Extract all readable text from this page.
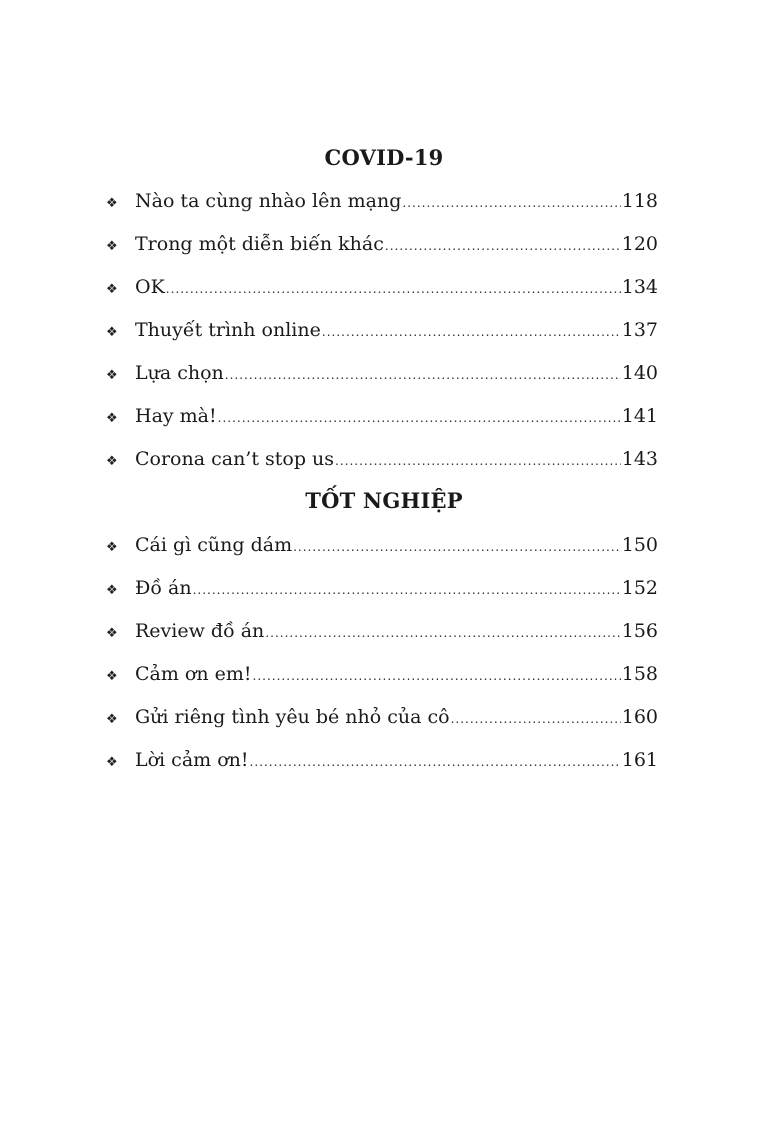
COVID-19
❖ Nào ta cùng nhào lên mạng .....	118
❖ Trong một diễn biến khác .....	120
❖ OK .....	134
❖ Thuyết trình online .....	137
❖ Lựa chọn .....	140
❖ Hay mà! .....	141
❖ Corona can’t stop us .....	143
TỐT NGHIỆP
❖ Cái gì cũng dám .....	150
❖ Đồ án .....	152
❖ Review đồ án .....	156
❖ Cảm ơn em! .....	158
❖ Gửi riêng tình yêu bé nhỏ của cô .....	160
❖ Lời cảm ơn! .....	161
